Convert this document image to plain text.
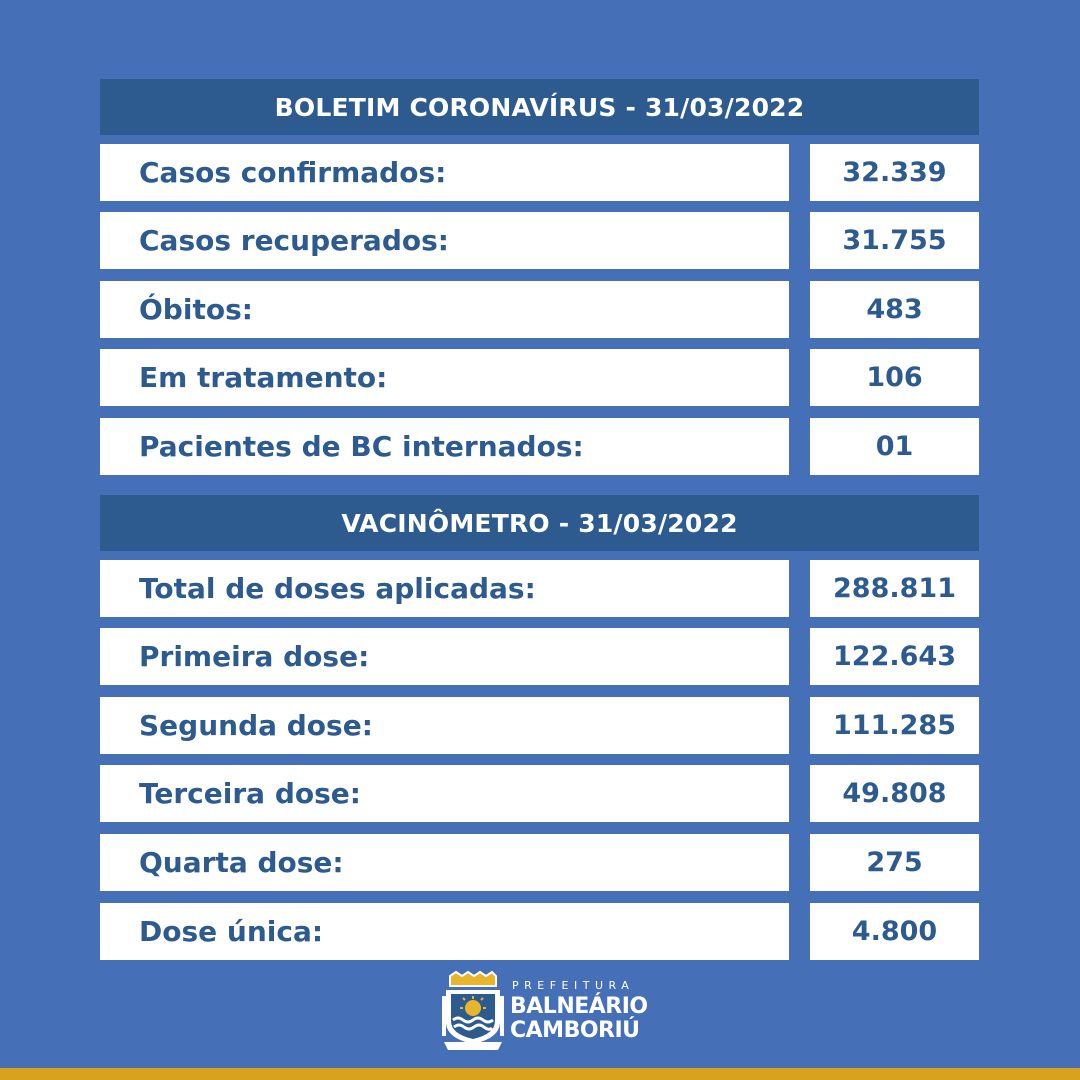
BOLETIM CORONAVÍRUS - 31/03/2022
Casos confirmados:	32.339
Casos recuperados:	31.755
Óbitos:	483
Em tratamento:	106
Pacientes de BC internados:	01
VACINÔMETRO - 31/03/2022
Total de doses aplicadas:	288.811
Primeira dose:	122.643
Segunda dose:	111.285
Terceira dose:	49.808
Quarta dose:	275
Dose única:	4.800
PREFEITURA
BALNEÁRIO
CAMBORIÚ
